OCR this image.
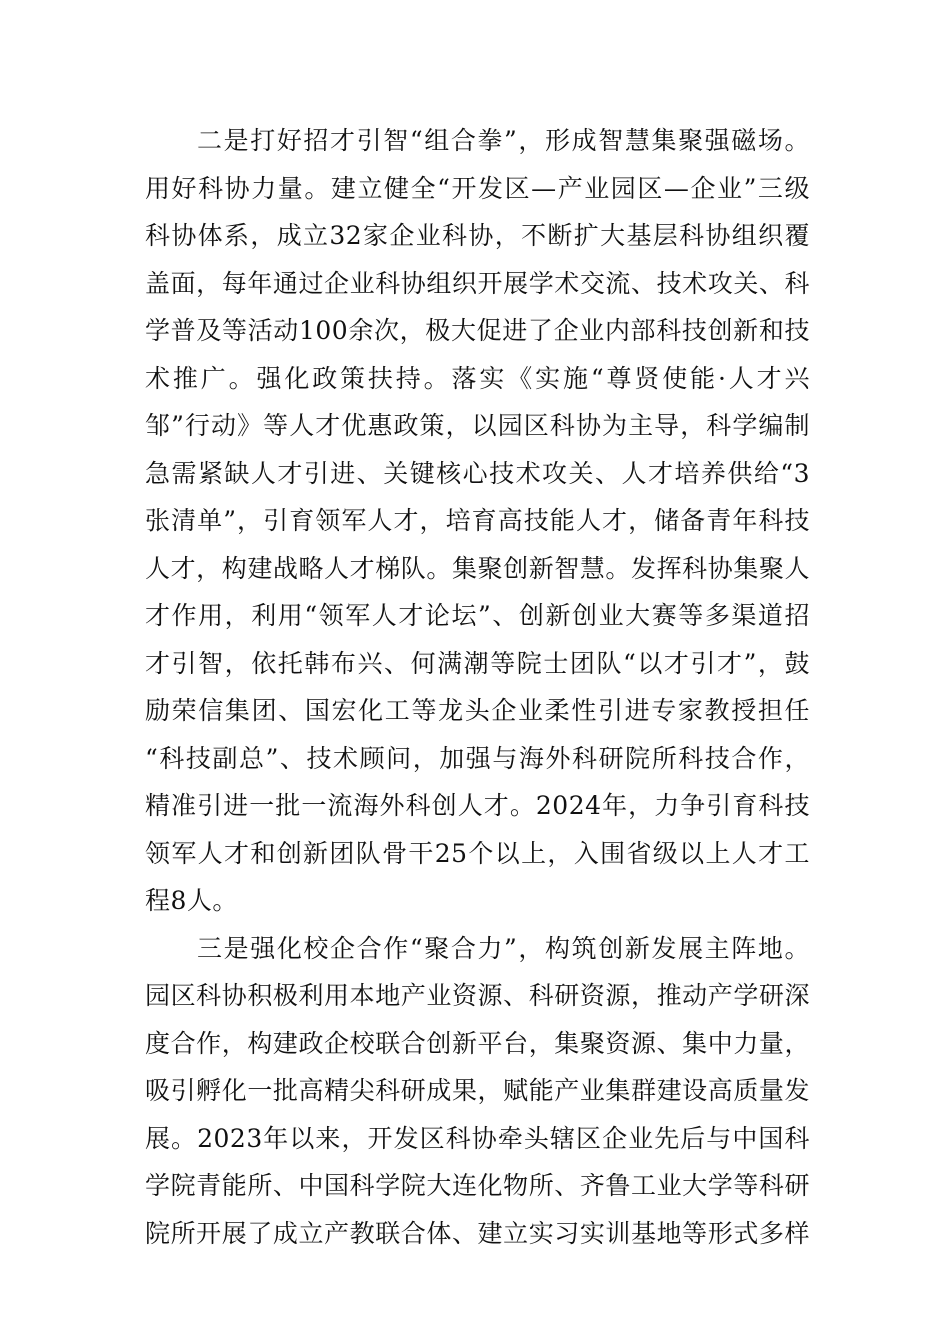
二是打好招才引智“组合拳”，形成智慧集聚强磁场。
用好科协力量。建立健全“开发区—产业园区—企业”三级
科协体系，成立32家企业科协，不断扩大基层科协组织覆
盖面，每年通过企业科协组织开展学术交流、技术攻关、科
学普及等活动100余次，极大促进了企业内部科技创新和技
术推广。强化政策扶持。落实《实施“尊贤使能·人才兴
邹”行动》等人才优惠政策，以园区科协为主导，科学编制
急需紧缺人才引进、关键核心技术攻关、人才培养供给“3
张清单”，引育领军人才，培育高技能人才，储备青年科技
人才，构建战略人才梯队。集聚创新智慧。发挥科协集聚人
才作用，利用“领军人才论坛”、创新创业大赛等多渠道招
才引智，依托韩布兴、何满潮等院士团队“以才引才”，鼓
励荣信集团、国宏化工等龙头企业柔性引进专家教授担任
“科技副总”、技术顾问，加强与海外科研院所科技合作，
精准引进一批一流海外科创人才。2024年，力争引育科技
领军人才和创新团队骨干25个以上，入围省级以上人才工
程8人。
三是强化校企合作“聚合力”，构筑创新发展主阵地。
园区科协积极利用本地产业资源、科研资源，推动产学研深
度合作，构建政企校联合创新平台，集聚资源、集中力量，
吸引孵化一批高精尖科研成果，赋能产业集群建设高质量发
展。2023年以来，开发区科协牵头辖区企业先后与中国科
学院青能所、中国科学院大连化物所、齐鲁工业大学等科研
院所开展了成立产教联合体、建立实习实训基地等形式多样
